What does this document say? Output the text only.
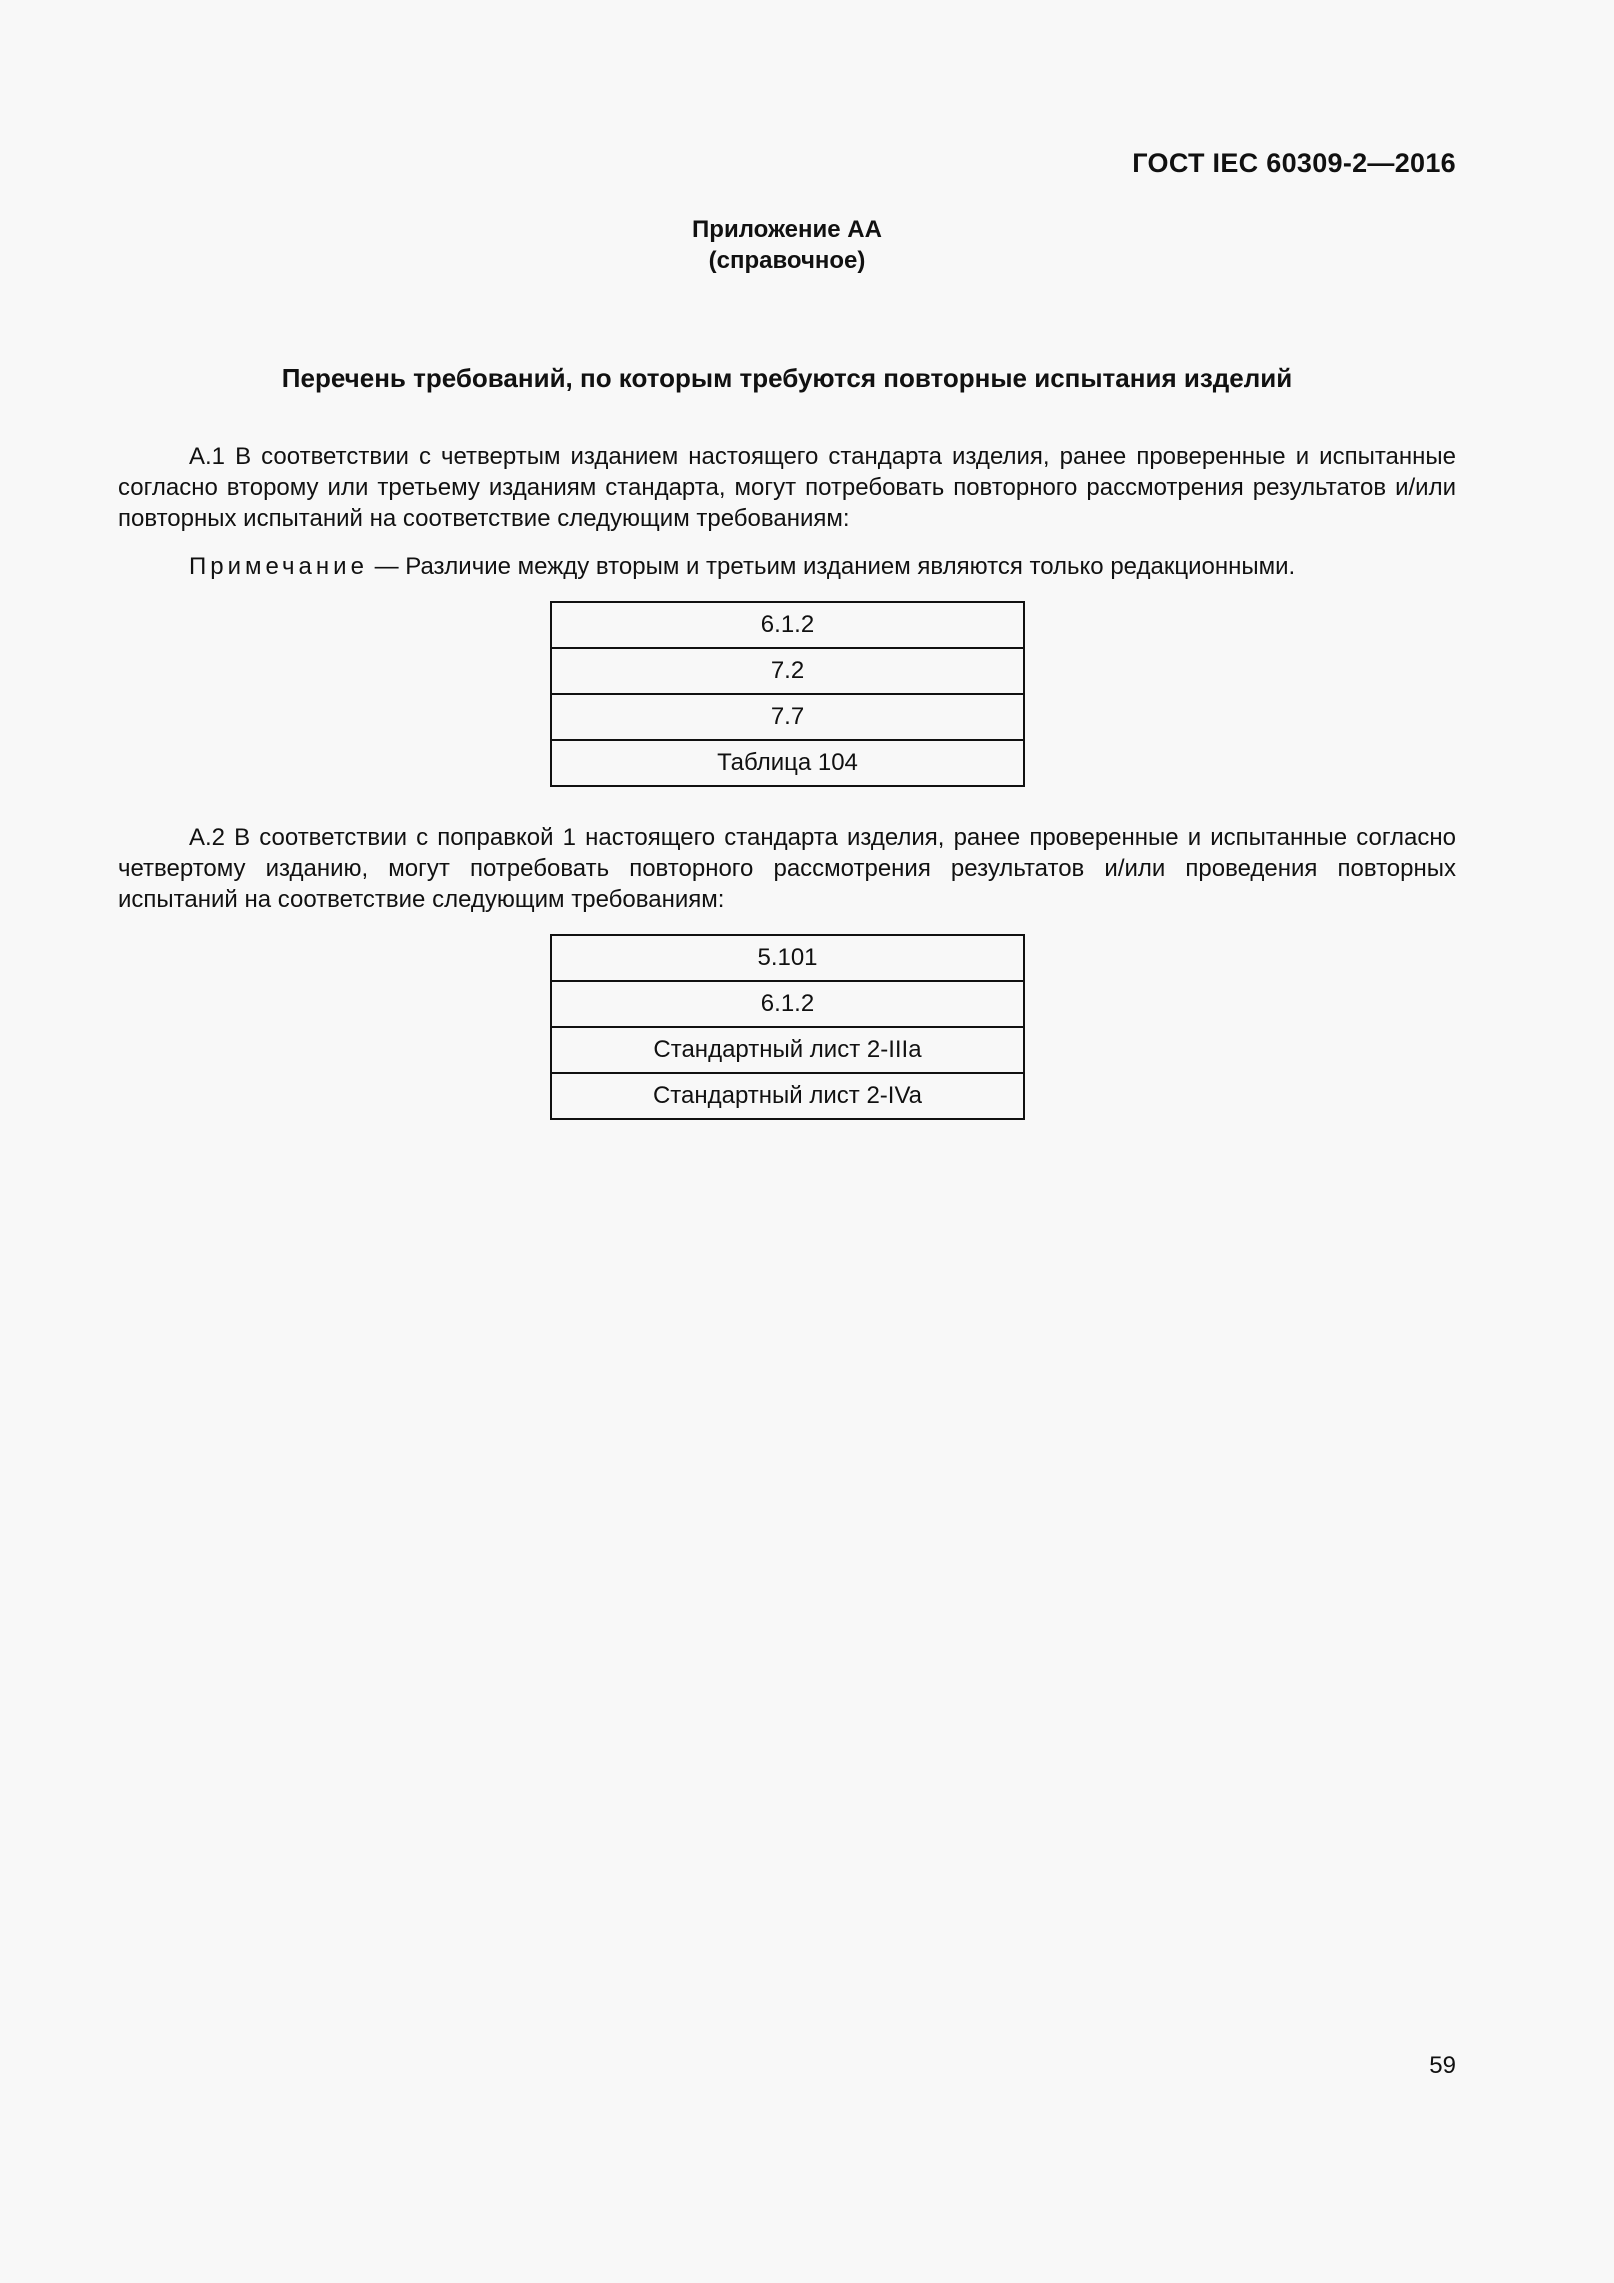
ГОСТ IEC 60309-2—2016
Приложение АА
(справочное)
Перечень требований, по которым требуются повторные испытания изделий
А.1 В соответствии с четвертым изданием настоящего стандарта изделия, ранее проверенные и испытанные согласно второму или третьему изданиям стандарта, могут потребовать повторного рассмотрения результатов и/или повторных испытаний на соответствие следующим требованиям:
Примечание — Различие между вторым и третьим изданием являются только редакционными.
6.1.2
7.2
7.7
Таблица 104
А.2 В соответствии с поправкой 1 настоящего стандарта изделия, ранее проверенные и испытанные согласно четвертому изданию, могут потребовать повторного рассмотрения результатов и/или проведения повторных испытаний на соответствие следующим требованиям:
5.101
6.1.2
Стандартный лист 2-IIIa
Стандартный лист 2-IVa
59
